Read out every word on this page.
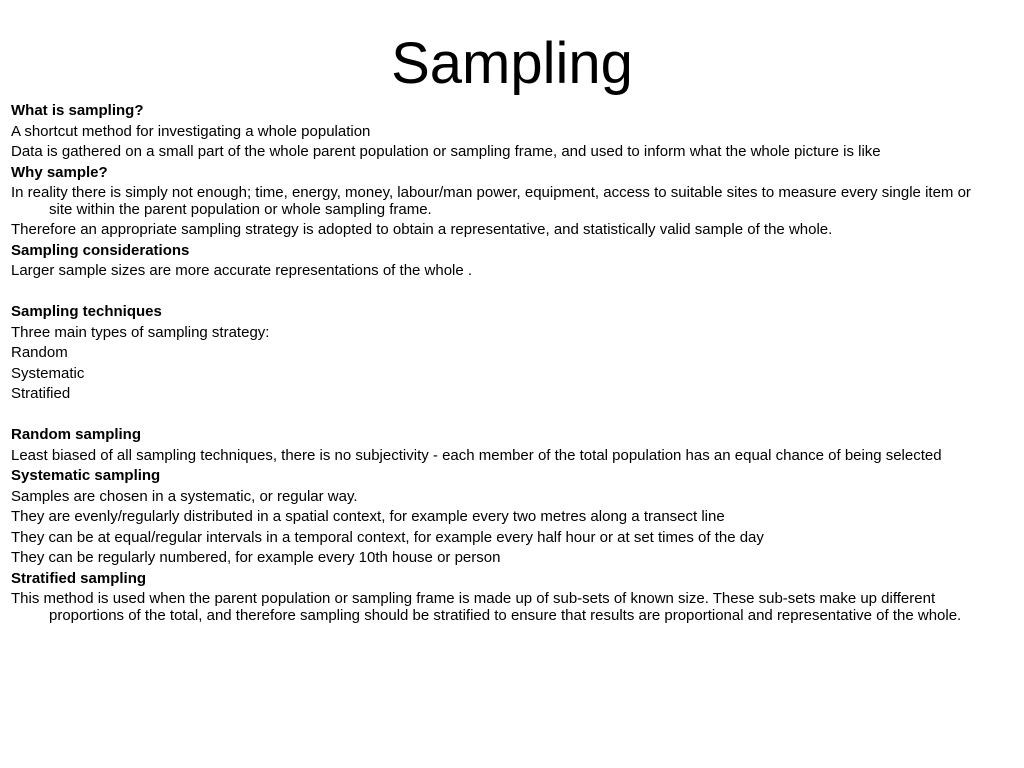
Sampling

What is sampling?

A shortcut method for investigating a whole population

Data is gathered on a small part of the whole parent population or sampling frame, and used to inform what the whole picture is like

Why sample?

In reality there is simply not enough; time, energy, money, labour/man power, equipment, access to suitable sites to measure every single item or site within the parent population or whole sampling frame.

Therefore an appropriate sampling strategy is adopted to obtain a representative, and statistically valid sample of the whole.

Sampling considerations

Larger sample sizes are more accurate representations of the whole .

Sampling techniques

Three main types of sampling strategy:

Random

Systematic

Stratified

Random sampling

Least biased of all sampling techniques, there is no subjectivity - each member of the total population has an equal chance of being selected

Systematic sampling

Samples are chosen in a systematic, or regular way.

They are evenly/regularly distributed in a spatial context, for example every two metres along a transect line

They can be at equal/regular intervals in a temporal context, for example every half hour or at set times of the day

They can be regularly numbered, for example every 10th house or person

Stratified sampling

This method is used when the parent population or sampling frame is made up of sub-sets of known size. These sub-sets make up different proportions of the total, and therefore sampling should be stratified to ensure that results are proportional and representative of the whole.
